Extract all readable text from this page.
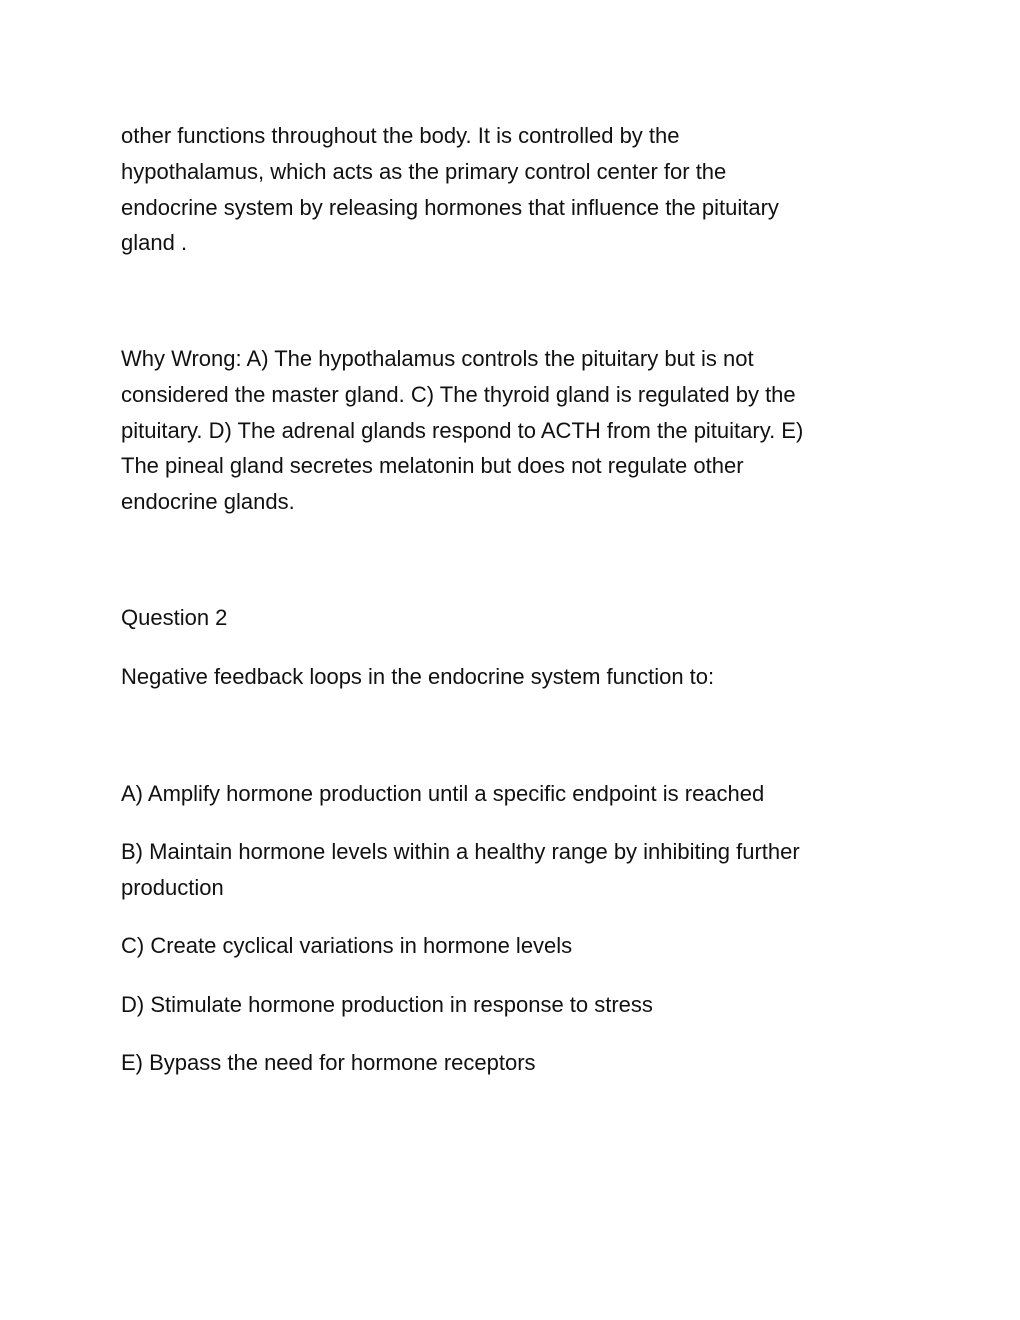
other functions throughout the body. It is controlled by the
hypothalamus, which acts as the primary control center for the
endocrine system by releasing hormones that influence the pituitary
gland .

Why Wrong: A) The hypothalamus controls the pituitary but is not
considered the master gland. C) The thyroid gland is regulated by the
pituitary. D) The adrenal glands respond to ACTH from the pituitary. E)
The pineal gland secretes melatonin but does not regulate other
endocrine glands.

Question 2

Negative feedback loops in the endocrine system function to:

A) Amplify hormone production until a specific endpoint is reached

B) Maintain hormone levels within a healthy range by inhibiting further
production

C) Create cyclical variations in hormone levels

D) Stimulate hormone production in response to stress

E) Bypass the need for hormone receptors
